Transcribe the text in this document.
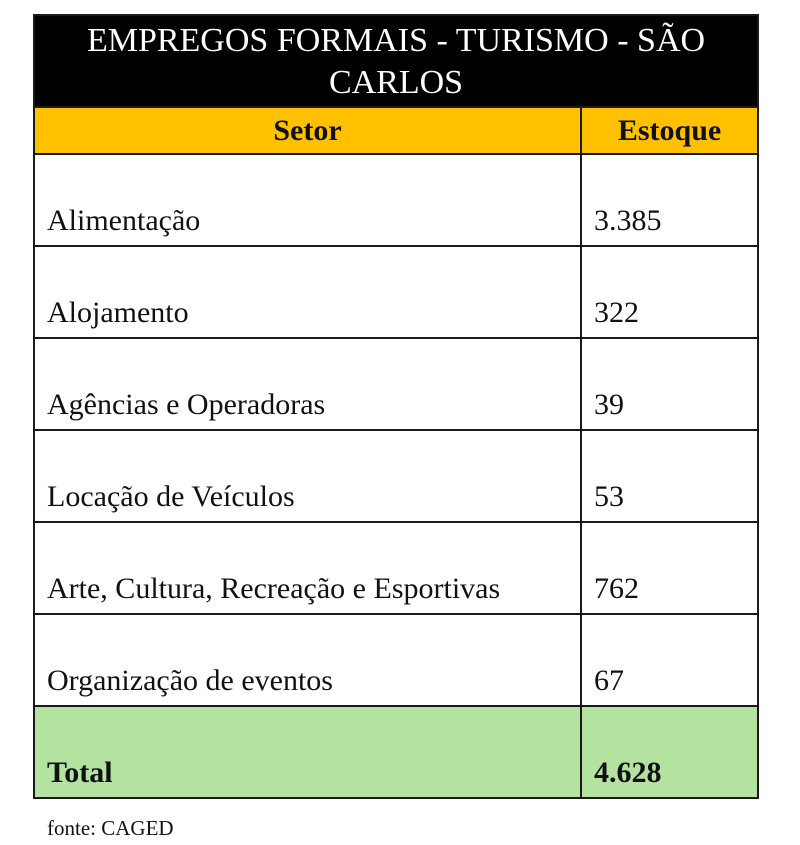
EMPREGOS FORMAIS - TURISMO - SÃO CARLOS	
Setor	Estoque
Alimentação	3.385
Alojamento	322
Agências e Operadoras	39
Locação de Veículos	53
Arte, Cultura, Recreação e Esportivas	762
Organização de eventos	67
Total	4.628
fonte: CAGED
